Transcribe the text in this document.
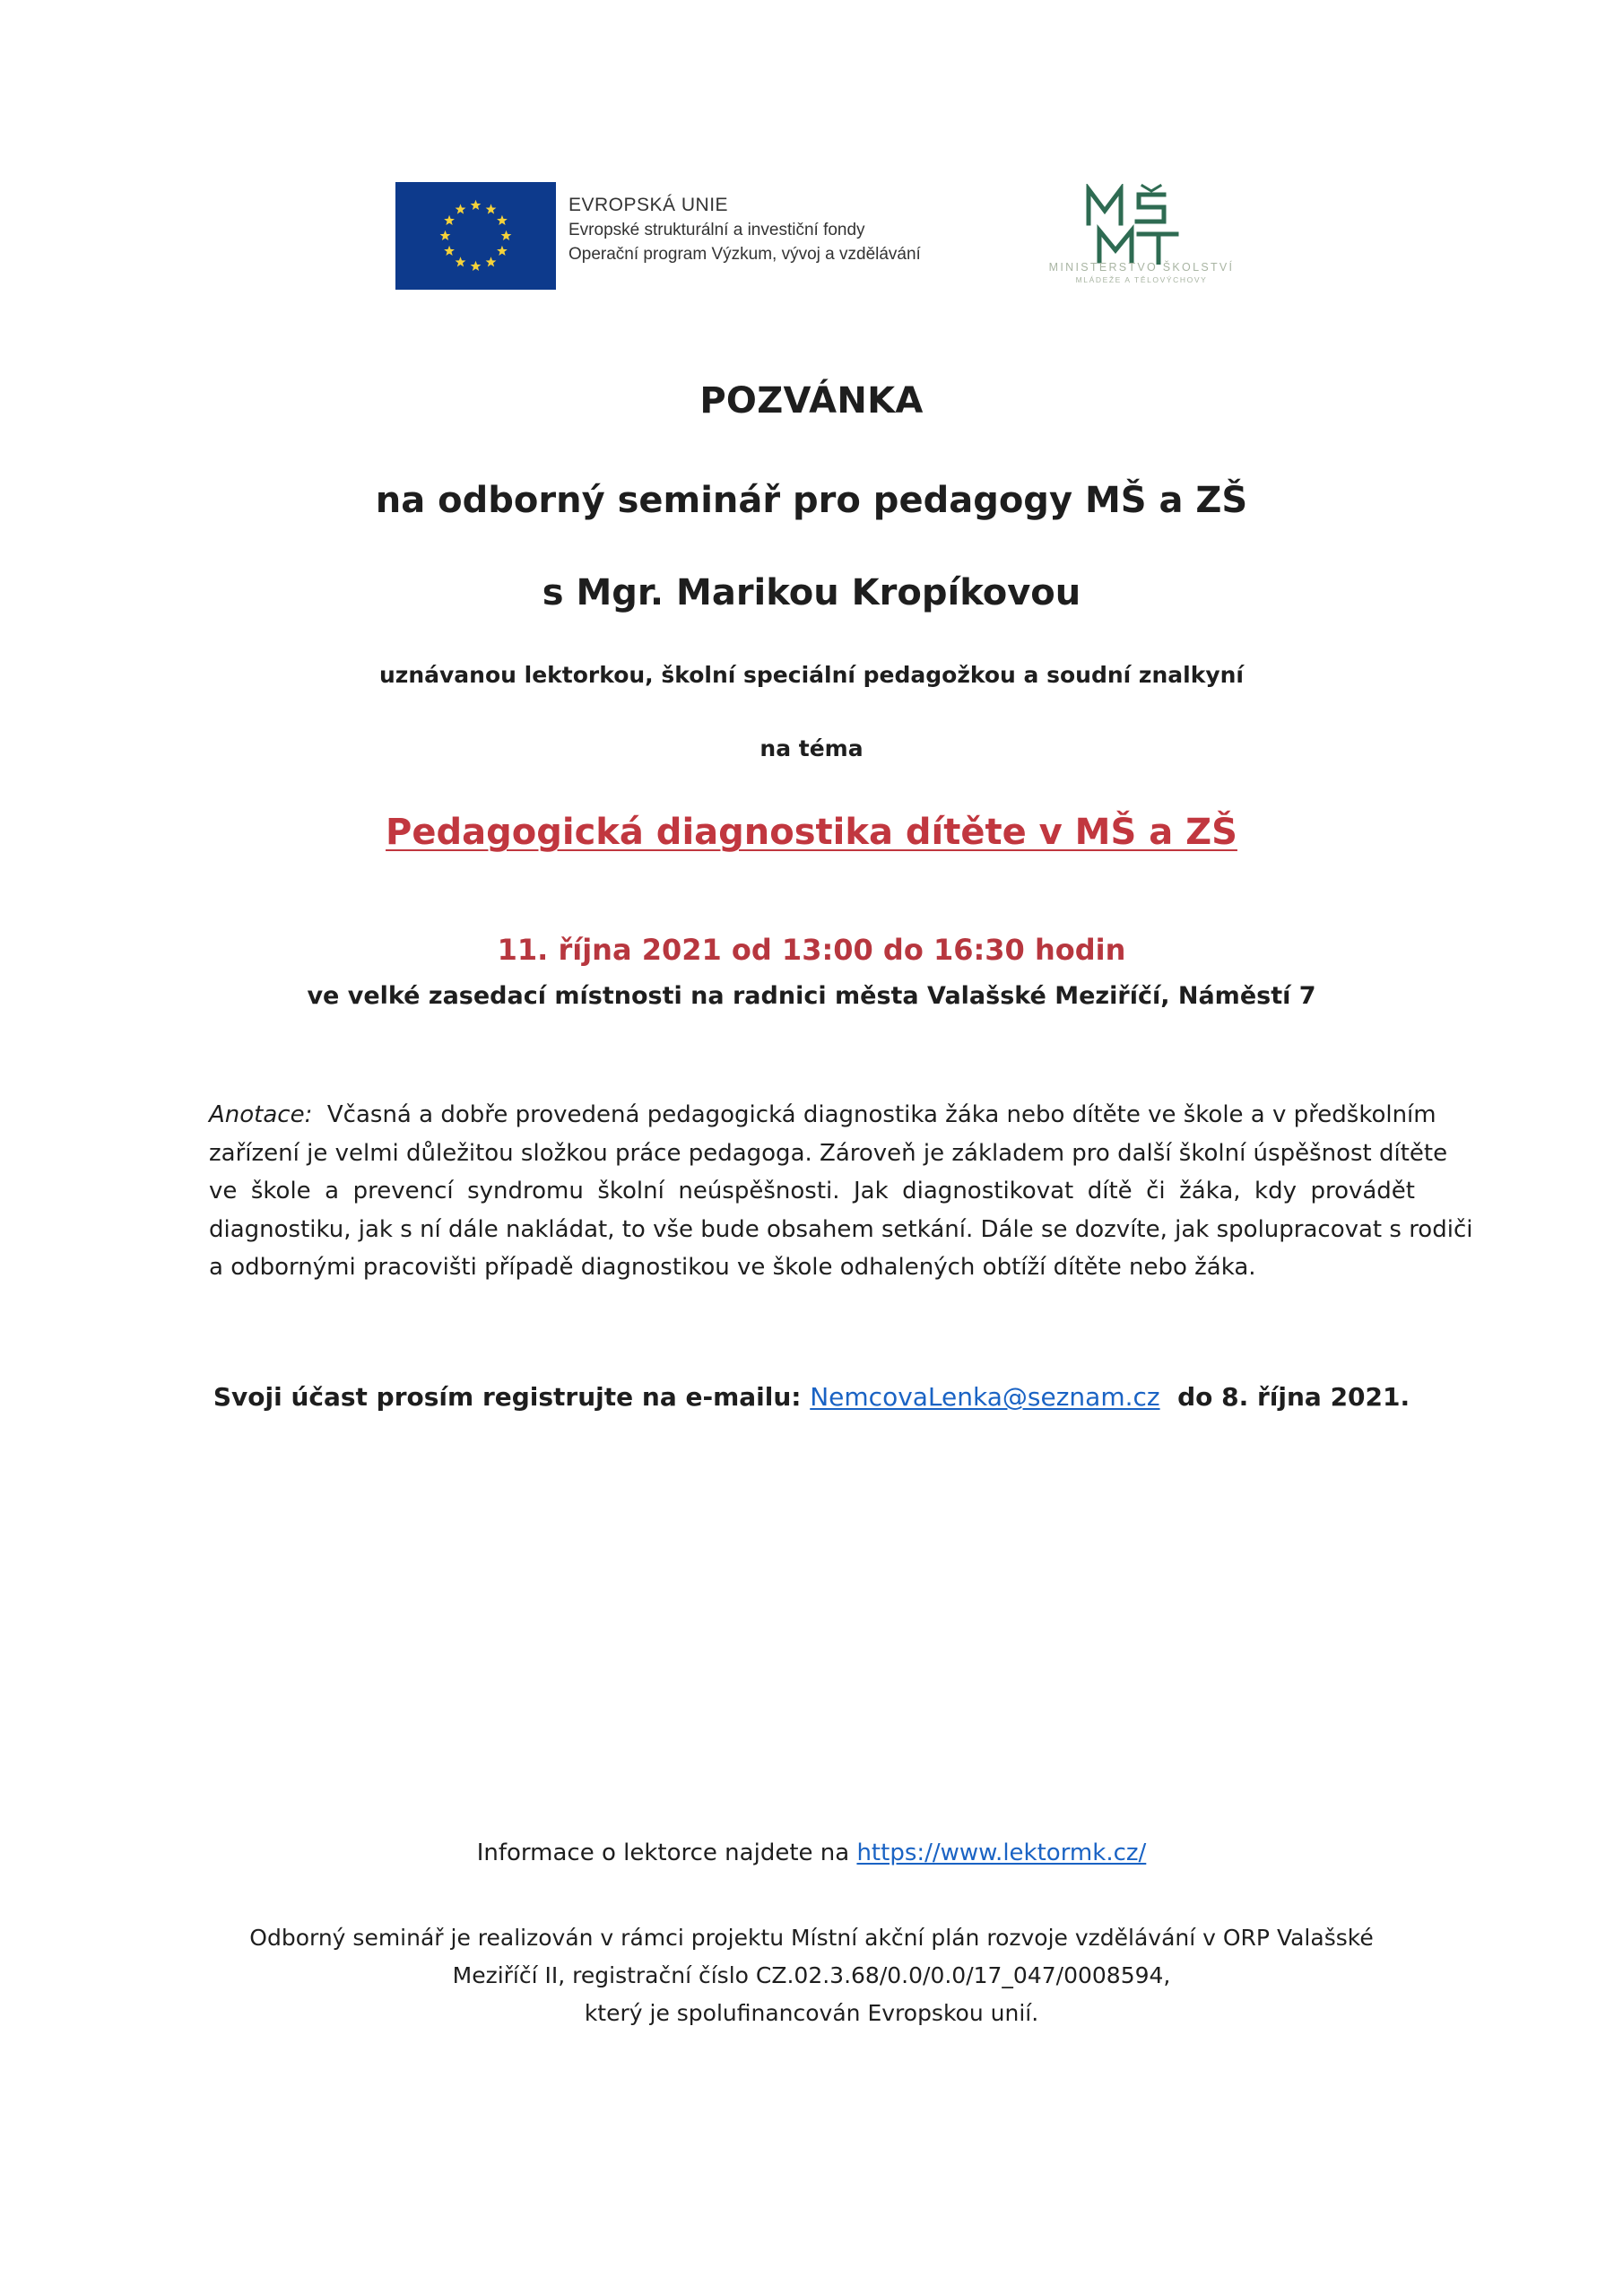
EVROPSKÁ UNIE
Evropské strukturální a investiční fondy
Operační program Výzkum, vývoj a vzdělávání
MINISTERSTVO ŠKOLSTVÍ
MLÁDEŽE A TĚLOVÝCHOVY
POZVÁNKA
na odborný seminář pro pedagogy MŠ a ZŠ
s Mgr. Marikou Kropíkovou
uznávanou lektorkou, školní speciální pedagožkou a soudní znalkyní
na téma
Pedagogická diagnostika dítěte v MŠ a ZŠ
11. října 2021 od 13:00 do 16:30 hodin
ve velké zasedací místnosti na radnici města Valašské Meziříčí, Náměstí 7
Anotace: Včasná a dobře provedená pedagogická diagnostika žáka nebo dítěte ve škole a v předškolním
zařízení je velmi důležitou složkou práce pedagoga. Zároveň je základem pro další školní úspěšnost dítěte
ve škole a prevencí syndromu školní neúspěšnosti. Jak diagnostikovat dítě či žáka, kdy provádět
diagnostiku, jak s ní dále nakládat, to vše bude obsahem setkání. Dále se dozvíte, jak spolupracovat s rodiči
a odbornými pracovišti případě diagnostikou ve škole odhalených obtíží dítěte nebo žáka.
Svoji účast prosím registrujte na e-mailu: NemcovaLenka@seznam.cz do 8. října 2021.
Informace o lektorce najdete na https://www.lektormk.cz/
Odborný seminář je realizován v rámci projektu Místní akční plán rozvoje vzdělávání v ORP Valašské
Meziříčí II, registrační číslo CZ.02.3.68/0.0/0.0/17_047/0008594,
který je spolufinancován Evropskou unií.
